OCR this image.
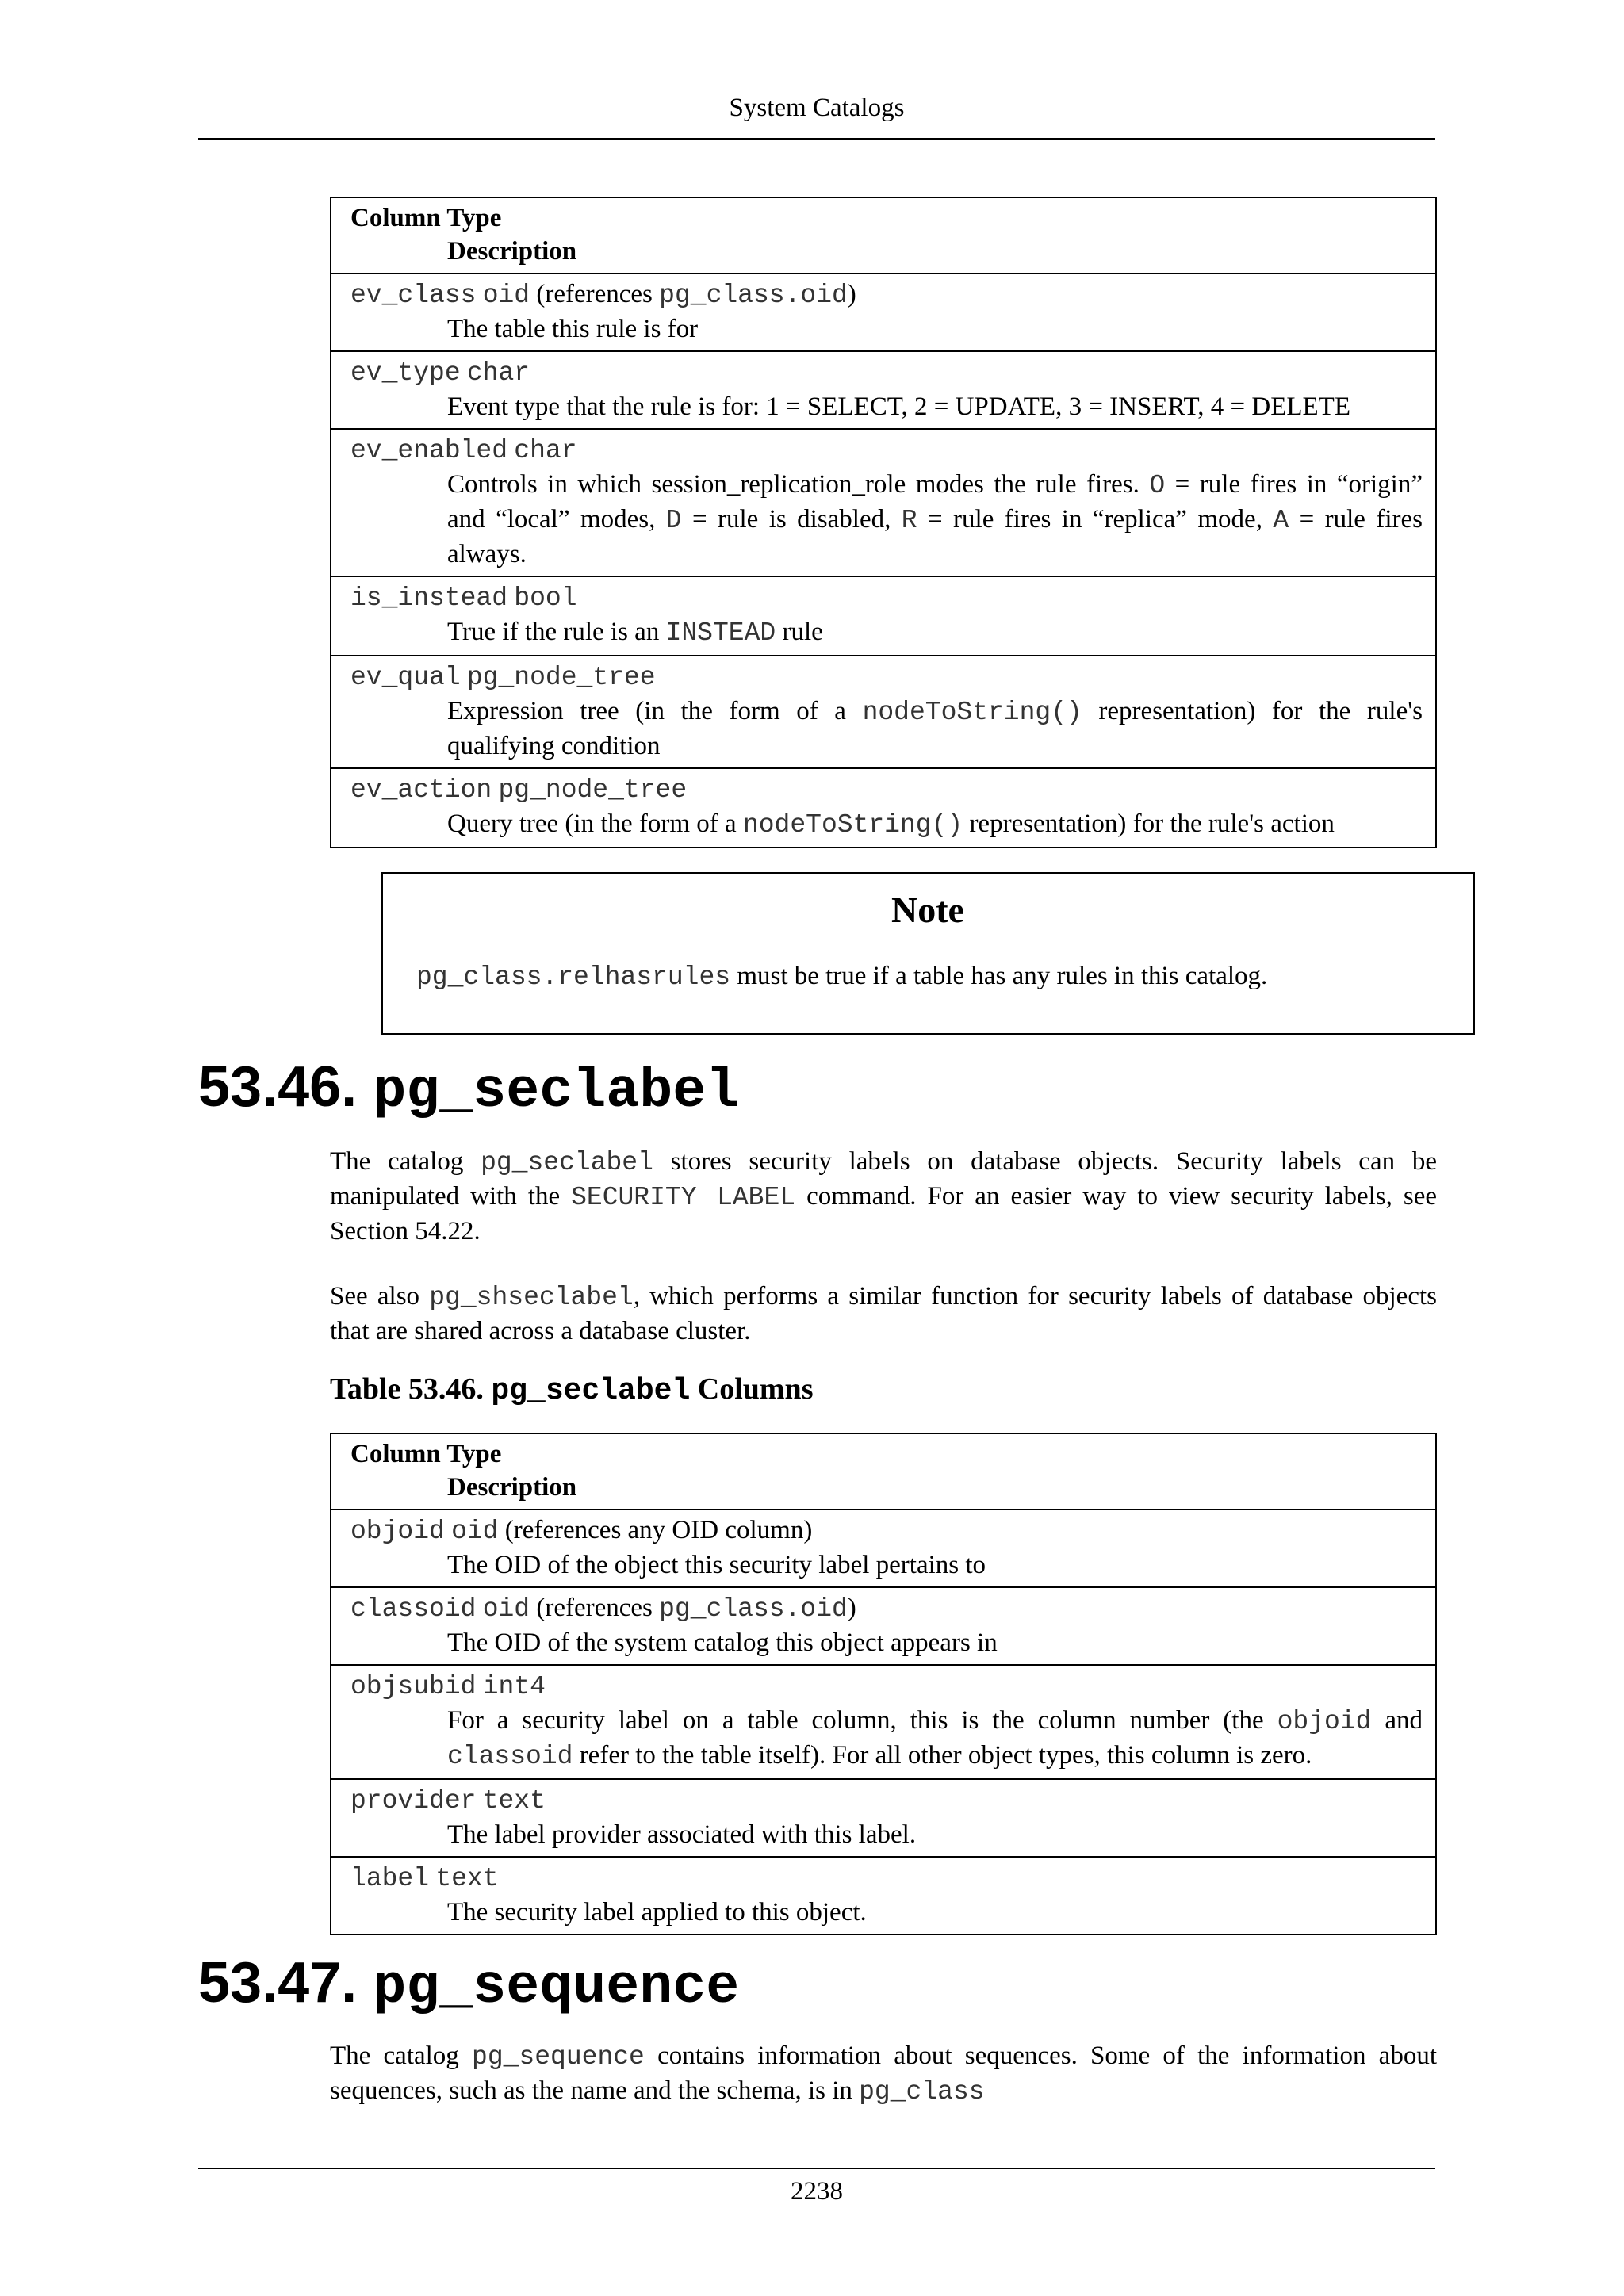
System Catalogs
Column Type
Description

ev_class oid (references pg_class.oid)
The table this rule is for

ev_type char
Event type that the rule is for: 1 = SELECT, 2 = UPDATE, 3 = INSERT, 4 = DELETE

ev_enabled char
Controls in which session_replication_role modes the rule fires. O = rule fires in “origin” and “local” modes, D = rule is disabled, R = rule fires in “replica” mode, A = rule fires always.

is_instead bool
True if the rule is an INSTEAD rule

ev_qual pg_node_tree
Expression tree (in the form of a nodeToString() representation) for the rule's qualifying condition

ev_action pg_node_tree
Query tree (in the form of a nodeToString() representation) for the rule's action
Note
pg_class.relhasrules must be true if a table has any rules in this catalog.
53.46. pg_seclabel
The catalog pg_seclabel stores security labels on database objects. Security labels can be manipulated with the SECURITY LABEL command. For an easier way to view security labels, see Section 54.22.
See also pg_shseclabel, which performs a similar function for security labels of database objects that are shared across a database cluster.
Table 53.46. pg_seclabel Columns
Column Type
Description

objoid oid (references any OID column)
The OID of the object this security label pertains to

classoid oid (references pg_class.oid)
The OID of the system catalog this object appears in

objsubid int4
For a security label on a table column, this is the column number (the objoid and classoid refer to the table itself). For all other object types, this column is zero.

provider text
The label provider associated with this label.

label text
The security label applied to this object.
53.47. pg_sequence
The catalog pg_sequence contains information about sequences. Some of the information about sequences, such as the name and the schema, is in pg_class
2238
